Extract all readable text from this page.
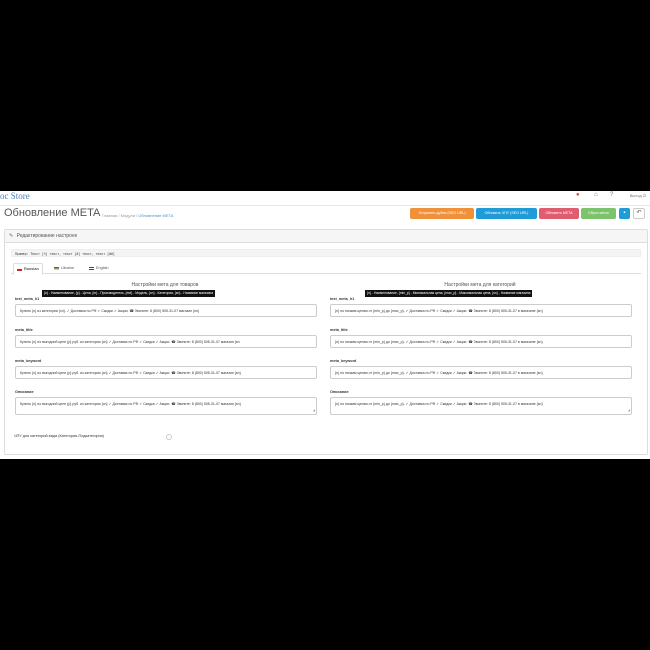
oc Store	● ⌂ ?	Выход ⏻
Обновление META Главная / Модули / Обновление META	Устранить дубли (SEO URL)	Обновить ЧПУ (SEO URL)	Обновить META	Сброс меток	▪	↶
✎ Редактирование настроек
Пример: Текст [%] текст, текст [#] текст, текст [##]
Russian	Ukraine	English
Настройки мета для товаров
{n} - Наименование, {p} - Цена, {m} - Производитель, {md} - Модель, {cn} - Категория, {sn} - Название магазина
text_meta_h1
Купить {n} из категории {cn}. ✓ Доставка по РФ ✓ Скидки ✓ Акции. ☎ Звоните: 8 (800) 505-31-07 магазин {sn}
meta_title
Купить {n} по выгодной цене {p} руб. из категории {cn} ✓ Доставка по РФ ✓ Скидки ✓ Акции. ☎ Звоните: 8 (800) 505-31-07 магазин {sn
meta_keyword
Купить {n} по выгодной цене {p} руб. из категории {cn} ✓ Доставка по РФ ✓ Скидки ✓ Акции. ☎ Звоните: 8 (800) 505-31-07 магазин {sn}
Описание
Купить {n} по выгодной цене {p} руб. из категории {cn} ✓ Доставка по РФ ✓ Скидки ✓ Акции. ☎ Звоните: 8 (800) 505-31-07 магазин {sn}
◢
Настройки мета для категорий
{n} - Наименование, {min_p} - Минимальная цена, {max_p} - Максимальная цена, {sn} - Название магазина
text_meta_h1
{n} по низким ценам от {min_p} до {max_p}. ✓ Доставка по РФ ✓ Скидки ✓ Акции. ☎ Звоните: 8 (800) 505-31-07 в магазине {sn}
meta_title
{n} по низким ценам от {min_p} до {max_p}. ✓ Доставка по РФ ✓ Скидки ✓ Акции. ☎ Звоните: 8 (800) 505-31-07 в магазине {sn}
meta_keyword
{n} по низким ценам от {min_p} до {max_p}. ✓ Доставка по РФ ✓ Скидки ✓ Акции. ☎ Звоните: 8 (800) 505-31-07 в магазине {sn}
Описание
{n} по низким ценам от {min_p} до {max_p}. ✓ Доставка по РФ ✓ Скидки ✓ Акции. ☎ Звоните: 8 (800) 505-31-07 в магазине {sn}
◢
ЧПУ для категорий вида (Категория-Подкатегория)
